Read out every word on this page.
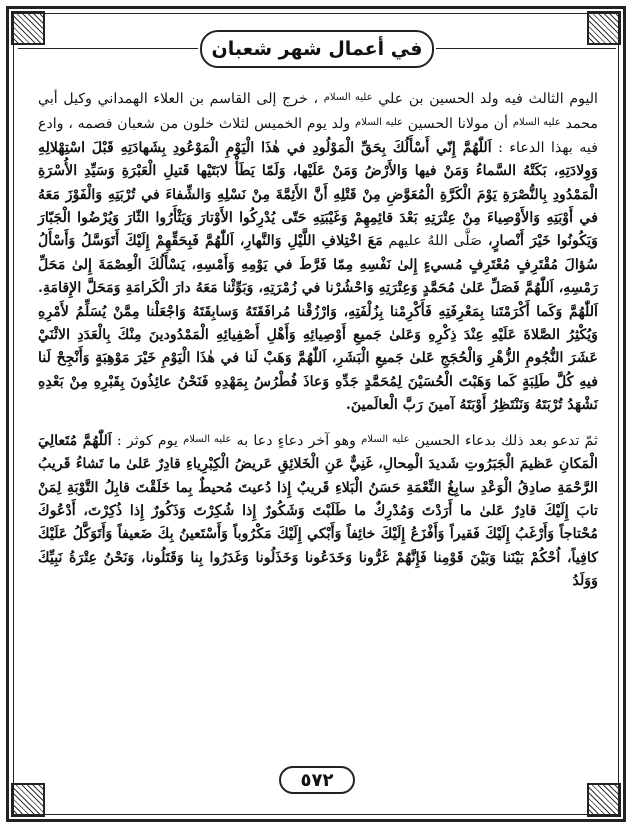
في أعمال شهر شعبان

اليوم الثالث فيه ولد الحسين بن علي $^{عليه السلام}$ ، خرج إلى القاسم بن العلاء الهمداني وكيل أبي محمد $^{عليه السلام}$ أن مولانا الحسين $^{عليه السلام}$ ولد يوم الخميس لثلاث خلون من شعبان فصمه ، وادع فيه بهذا الدعاء : اَللّٰهُمَّ إِنّي أَسْأَلُكَ بِحَقِّ الْمَوْلُودِ في هٰذَا الْيَوْمِ الْمَوْعُودِ بِشَهادَتِهِ قَبْلَ اسْتِهْلالِهِ وَوِلادَتِهِ، بَكَتْهُ السَّماءُ وَمَنْ فيها وَالأَرْضُ وَمَنْ عَلَيْها، وَلَمّا يَطَأْ لابَتَيْها قَتيلِ الْعَبْرَةِ وَسَيِّدِ الأُسْرَةِ الْمَمْدُودِ بِالنُّصْرَةِ يَوْمَ الْكَرَّةِ الْمُعَوَّضِ مِنْ قَتْلِهِ أَنَّ الأَئِمَّةَ مِنْ نَسْلِهِ وَالشِّفاءَ في تُرْبَتِهِ وَالْفَوْزَ مَعَهُ في أَوْبَتِهِ وَالأَوْصِياءَ مِنْ عِتْرَتِهِ بَعْدَ قائِمِهِمْ وَغَيْبَتِهِ حَتّى يُدْرِكُوا الأَوْتارَ وَيَثْأَرُوا الثّارَ وَيُرْضُوا الْجَبّارَ وَيَكُونُوا خَيْرَ أَنْصارٍ، صَلَّى اللهُ عليهم مَعَ اخْتِلافِ اللَّيْلِ وَالنَّهارِ، اَللّٰهُمَّ فَبِحَقِّهِمْ إِلَيْكَ أَتَوَسَّلُ وَأَسْأَلُ سُؤالَ مُقْتَرِفٍ مُعْتَرِفٍ مُسيءٍ إِلىٰ نَفْسِهِ مِمّا فَرَّطَ في يَوْمِهِ وَأَمْسِهِ، يَسْأَلُكَ الْعِصْمَةَ إِلىٰ مَحَلِّ رَمْسِهِ، اَللّٰهُمَّ فَصَلِّ عَلىٰ مُحَمَّدٍ وَعِتْرَتِهِ وَاحْشُرْنا في زُمْرَتِهِ، وَبَوِّئْنا مَعَهُ دارَ الْكَرامَةِ وَمَحَلَّ الإِقامَةِ. اَللّٰهُمَّ وَكَما أَكْرَمْتَنا بِمَعْرِفَتِهِ فَأَكْرِمْنا بِزُلْفَتِهِ، وَارْزُقْنا مُرافَقَتَهُ وَسابِقَتَهُ وَاجْعَلْنا مِمَّنْ يُسَلِّمُ لأَمْرِهِ وَيُكْثِرُ الصَّلاةَ عَلَيْهِ عِنْدَ ذِكْرِهِ وَعَلىٰ جَميعِ أَوْصِيائِهِ وَأَهْلِ أَصْفِيائِهِ الْمَمْدُودينَ مِنْكَ بِالْعَدَدِ الاثْنَيْ عَشَرَ النُّجُومِ الزُّهْرِ وَالْحُجَجِ عَلىٰ جَميعِ الْبَشَرِ، اَللّٰهُمَّ وَهَبْ لَنا في هٰذَا الْيَوْمِ خَيْرَ مَوْهِبَةٍ وَأَنْجِحْ لَنا فيهِ كُلَّ طَلِبَةٍ كَما وَهَبْتَ الْحُسَيْنَ لِمُحَمَّدٍ جَدِّهِ وَعاذَ فُطْرُسُ بِمَهْدِهِ فَنَحْنُ عائِذُونَ بِقَبْرِهِ مِنْ بَعْدِهِ نَشْهَدُ تُرْبَتَهُ وَنَنْتَظِرُ أَوْبَتَهُ آمينَ رَبَّ الْعالَمينَ.

ثمّ تدعو بعد ذلك بدعاء الحسين $^{عليه السلام}$ وهو آخر دعاءٍ دعا به $^{عليه السلام}$ يوم كوثر : اَللّٰهُمَّ مُتَعالِيَ الْمَكانِ عَظيمَ الْجَبَرُوتِ شَديدَ الْمِحالِ، غَنِيٌّ عَنِ الْخَلائِقِ عَريضُ الْكِبْرِياءِ قادِرٌ عَلىٰ ما تَشاءُ قَريبُ الرَّحْمَةِ صادِقُ الْوَعْدِ سابِغُ النِّعْمَةِ حَسَنُ الْبَلاءِ قَريبٌ إِذا دُعيتَ مُحيطٌ بِما خَلَقْتَ قابِلُ التَّوْبَةِ لِمَنْ تابَ إِلَيْكَ قادِرٌ عَلىٰ ما أَرَدْتَ وَمُدْرِكٌ ما طَلَبْتَ وَشَكُورٌ إِذا شُكِرْتَ وَذَكُورٌ إِذا ذُكِرْتَ، أَدْعُوكَ مُحْتاجاً وَأَرْغَبُ إِلَيْكَ فَقيراً وَأَفْزَعُ إِلَيْكَ خائِفاً وَأَبْكي إِلَيْكَ مَكْرُوباً وَأَسْتَعينُ بِكَ ضَعيفاً وَأَتَوَكَّلُ عَلَيْكَ كافِياً، اُحْكُمْ بَيْنَنا وَبَيْنَ قَوْمِنا فَإِنَّهُمْ غَرُّونا وَخَدَعُونا وَخَذَلُونا وَغَدَرُوا بِنا وَقَتَلُونا، وَنَحْنُ عِتْرَةُ نَبِيِّكَ وَوَلَدُ

٥٧٢
